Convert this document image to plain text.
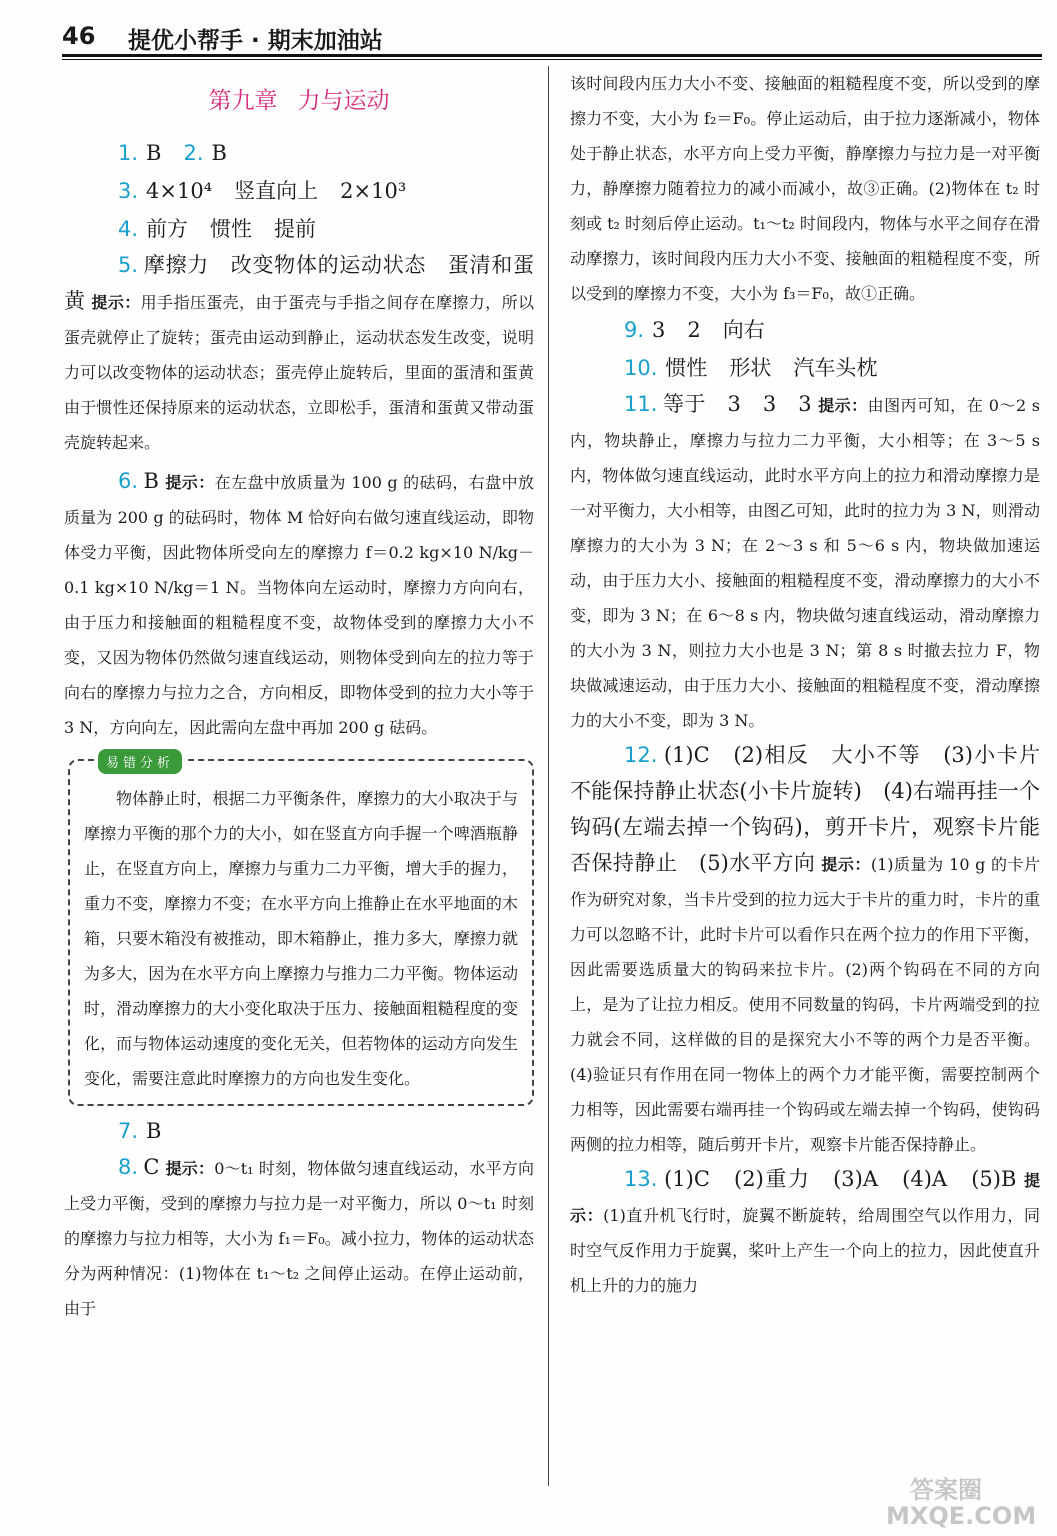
46 提优小帮手 · 期末加油站
第九章 力与运动
1. B 2. B
3. 4×10⁴ 竖直向上 2×10³
4. 前方 惯性 提前
5. 摩擦力　改变物体的运动状态　蛋清和蛋黄 提示：用手指压蛋壳，由于蛋壳与手指之间存在摩擦力，所以蛋壳就停止了旋转；蛋壳由运动到静止，运动状态发生改变，说明力可以改变物体的运动状态；蛋壳停止旋转后，里面的蛋清和蛋黄由于惯性还保持原来的运动状态，立即松手，蛋清和蛋黄又带动蛋壳旋转起来。
6. B 提示：在左盘中放质量为 100 g 的砝码，右盘中放质量为 200 g 的砝码时，物体 M 恰好向右做匀速直线运动，即物体受力平衡，因此物体所受向左的摩擦力 f＝0.2 kg×10 N/kg－0.1 kg×10 N/kg＝1 N。当物体向左运动时，摩擦力方向向右，由于压力和接触面的粗糙程度不变，故物体受到的摩擦力大小不变，又因为物体仍然做匀速直线运动，则物体受到向左的拉力等于向右的摩擦力与拉力之合，方向相反，即物体受到的拉力大小等于 3 N，方向向左，因此需向左盘中再加 200 g 砝码。
易错分析
物体静止时，根据二力平衡条件，摩擦力的大小取决于与摩擦力平衡的那个力的大小，如在竖直方向手握一个啤酒瓶静止，在竖直方向上，摩擦力与重力二力平衡，增大手的握力，重力不变，摩擦力不变；在水平方向上推静止在水平地面的木箱，只要木箱没有被推动，即木箱静止，推力多大，摩擦力就为多大，因为在水平方向上摩擦力与推力二力平衡。物体运动时，滑动摩擦力的大小变化取决于压力、接触面粗糙程度的变化，而与物体运动速度的变化无关，但若物体的运动方向发生变化，需要注意此时摩擦力的方向也发生变化。
7. B
8. C 提示：0～t₁ 时刻，物体做匀速直线运动，水平方向上受力平衡，受到的摩擦力与拉力是一对平衡力，所以 0～t₁ 时刻的摩擦力与拉力相等，大小为 f₁＝F₀。减小拉力，物体的运动状态分为两种情况：(1)物体在 t₁～t₂ 之间停止运动。在停止运动前，由于
该时间段内压力大小不变、接触面的粗糙程度不变，所以受到的摩擦力不变，大小为 f₂＝F₀。停止运动后，由于拉力逐渐减小，物体处于静止状态，水平方向上受力平衡，静摩擦力与拉力是一对平衡力，静摩擦力随着拉力的减小而减小，故③正确。(2)物体在 t₂ 时刻或 t₂ 时刻后停止运动。t₁～t₂ 时间段内，物体与水平之间存在滑动摩擦力，该时间段内压力大小不变、接触面的粗糙程度不变，所以受到的摩擦力不变，大小为 f₃＝F₀，故①正确。
9. 3 2 向右
10. 惯性 形状 汽车头枕
11. 等于　3　3　3 提示：由图丙可知，在 0～2 s 内，物块静止，摩擦力与拉力二力平衡，大小相等；在 3～5 s 内，物体做匀速直线运动，此时水平方向上的拉力和滑动摩擦力是一对平衡力，大小相等，由图乙可知，此时的拉力为 3 N，则滑动摩擦力的大小为 3 N；在 2～3 s 和 5～6 s 内，物块做加速运动，由于压力大小、接触面的粗糙程度不变，滑动摩擦力的大小不变，即为 3 N；在 6～8 s 内，物块做匀速直线运动，滑动摩擦力的大小为 3 N，则拉力大小也是 3 N；第 8 s 时撤去拉力 F，物块做减速运动，由于压力大小、接触面的粗糙程度不变，滑动摩擦力的大小不变，即为 3 N。
12. (1)C　(2)相反　大小不等　(3)小卡片不能保持静止状态(小卡片旋转)　(4)右端再挂一个钩码(左端去掉一个钩码)，剪开卡片，观察卡片能否保持静止　(5)水平方向 提示：(1)质量为 10 g 的卡片作为研究对象，当卡片受到的拉力远大于卡片的重力时，卡片的重力可以忽略不计，此时卡片可以看作只在两个拉力的作用下平衡，因此需要选质量大的钩码来拉卡片。(2)两个钩码在不同的方向上，是为了让拉力相反。使用不同数量的钩码，卡片两端受到的拉力就会不同，这样做的目的是探究大小不等的两个力是否平衡。(4)验证只有作用在同一物体上的两个力才能平衡，需要控制两个力相等，因此需要右端再挂一个钩码或左端去掉一个钩码，使钩码两侧的拉力相等，随后剪开卡片，观察卡片能否保持静止。
13. (1)C　(2)重力　(3)A　(4)A　(5)B 提示：(1)直升机飞行时，旋翼不断旋转，给周围空气以作用力，同时空气反作用力于旋翼，桨叶上产生一个向上的拉力，因此使直升机上升的力的施力
答案圈
MXQE.COM
